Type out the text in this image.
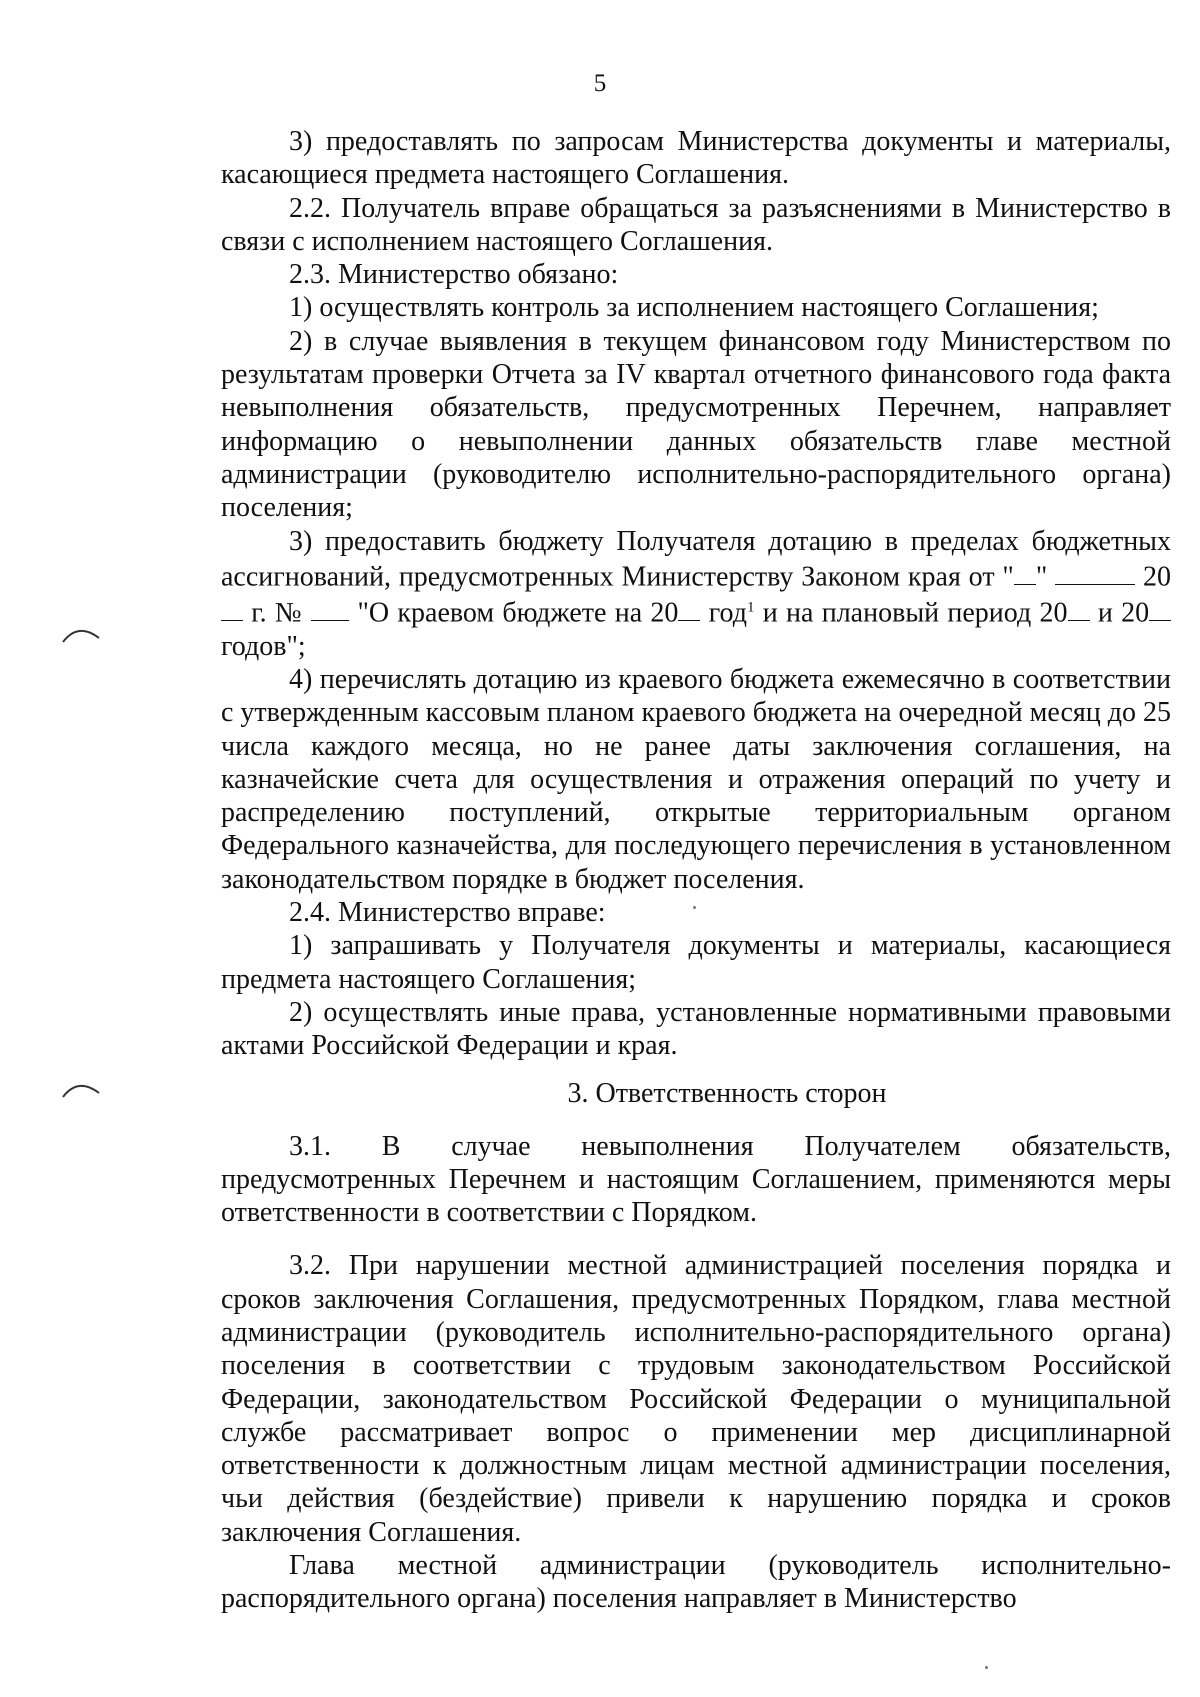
5

3) предоставлять по запросам Министерства документы и материалы, касающиеся предмета настоящего Соглашения.

2.2. Получатель вправе обращаться за разъяснениями в Министерство в связи с исполнением настоящего Соглашения.

2.3. Министерство обязано:

1) осуществлять контроль за исполнением настоящего Соглашения;

2) в случае выявления в текущем финансовом году Министерством по результатам проверки Отчета за IV квартал отчетного финансового года факта невыполнения обязательств, предусмотренных Перечнем, направляет информацию о невыполнении данных обязательств главе местной администрации (руководителю исполнительно-распорядительного органа) поселения;

3) предоставить бюджету Получателя дотацию в пределах бюджетных ассигнований, предусмотренных Министерству Законом края от " "	20 г. № "О краевом бюджете на 20 год$^1$ и на плановый период 20 и 20 годов";

4) перечислять дотацию из краевого бюджета ежемесячно в соответствии с утвержденным кассовым планом краевого бюджета на очередной месяц до 25 числа каждого месяца, но не ранее даты заключения соглашения, на казначейские счета для осуществления и отражения операций по учету и распределению поступлений, открытые территориальным органом Федерального казначейства, для последующего перечисления в установленном законодательством порядке в бюджет поселения.

2.4. Министерство вправе:

1) запрашивать у Получателя документы и материалы, касающиеся предмета настоящего Соглашения;

2) осуществлять иные права, установленные нормативными правовыми актами Российской Федерации и края.

3. Ответственность сторон

3.1. В случае невыполнения Получателем обязательств, предусмотренных Перечнем и настоящим Соглашением, применяются меры ответственности в соответствии с Порядком.

3.2. При нарушении местной администрацией поселения порядка и сроков заключения Соглашения, предусмотренных Порядком, глава местной администрации (руководитель исполнительно-распорядительного органа) поселения в соответствии с трудовым законодательством Российской Федерации, законодательством Российской Федерации о муниципальной службе рассматривает вопрос о применении мер дисциплинарной ответственности к должностным лицам местной администрации поселения, чьи действия (бездействие) привели к нарушению порядка и сроков заключения Соглашения.

Глава местной администрации (руководитель исполнительно-распорядительного органа) поселения направляет в Министерство
